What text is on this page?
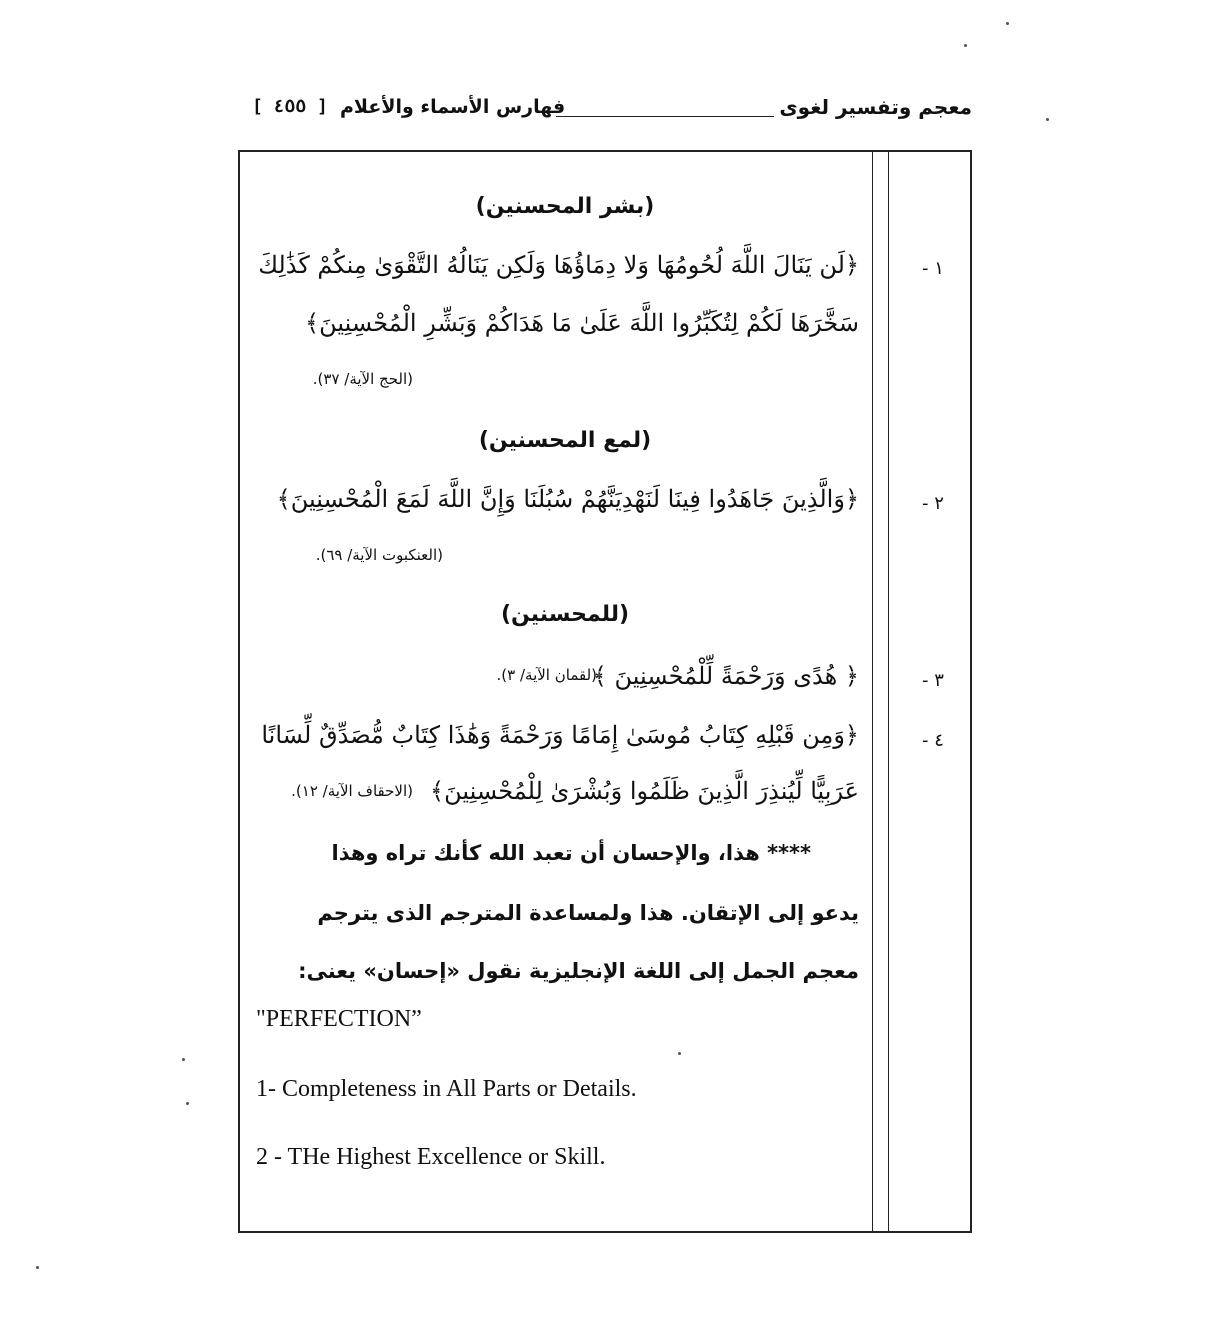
معجم وتفسير لغوى
فهارس الأسماء والأعلام
[ ٤٥٥ ]
(بشر المحسنين)
١ -
﴿لَن يَنَالَ اللَّهَ لُحُومُهَا وَلا دِمَاؤُهَا وَلَكِن يَنَالُهُ التَّقْوَىٰ مِنكُمْ كَذَٰلِكَ
سَخَّرَهَا لَكُمْ لِتُكَبِّرُوا اللَّهَ عَلَىٰ مَا هَدَاكُمْ وَبَشِّرِ الْمُحْسِنِينَ﴾
(الحج الآية/ ٣٧).
(لمع المحسنين)
٢ -
﴿وَالَّذِينَ جَاهَدُوا فِينَا لَنَهْدِيَنَّهُمْ سُبُلَنَا وَإِنَّ اللَّهَ لَمَعَ الْمُحْسِنِينَ﴾
(العنكبوت الآية/ ٦٩).
(للمحسنين)
٣ -
﴿ هُدًى وَرَحْمَةً لِّلْمُحْسِنِينَ ﴾
(لقمان الآية/ ٣).
٤ -
﴿وَمِن قَبْلِهِ كِتَابُ مُوسَىٰ إِمَامًا وَرَحْمَةً وَهَٰذَا كِتَابٌ مُّصَدِّقٌ لِّسَانًا
عَرَبِيًّا لِّيُنذِرَ الَّذِينَ ظَلَمُوا وَبُشْرَىٰ لِلْمُحْسِنِينَ﴾
(الاحقاف الآية/ ١٢).
**** هذا، والإحسان أن تعبد الله كأنك تراه وهذا
يدعو إلى الإتقان. هذا ولمساعدة المترجم الذى يترجم
معجم الجمل إلى اللغة الإنجليزية نقول «إحسان» يعنى:
"PERFECTION”
1- Completeness in All Parts or Details.
2 - THe Highest Excellence or Skill.
